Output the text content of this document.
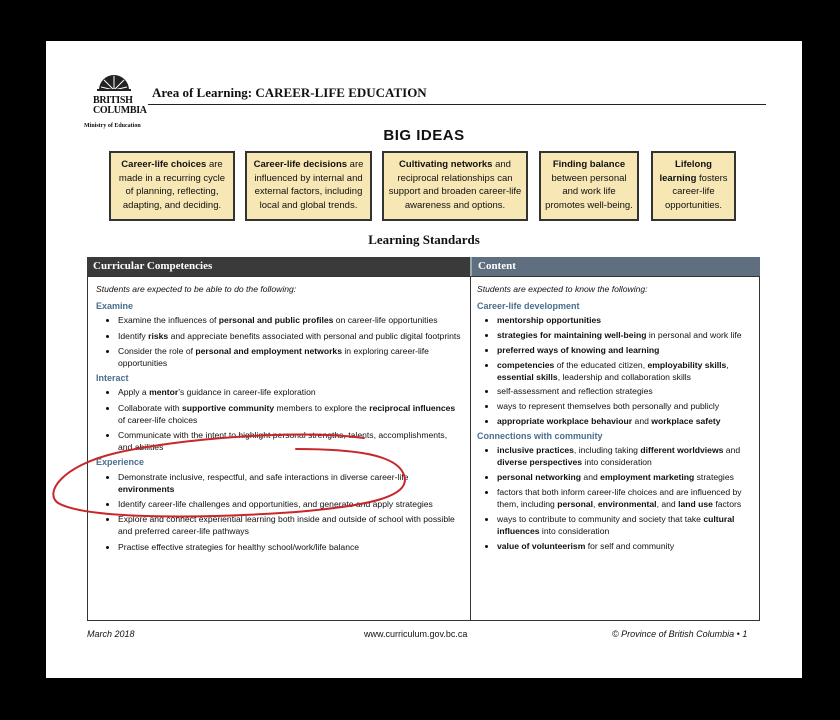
BRITISH
COLUMBIA
Ministry of Education
Area of Learning: CAREER-LIFE EDUCATION
BIG IDEAS
Career-life choices are made in a recurring cycle of planning, reflecting, adapting, and deciding.
Career-life decisions are influenced by internal and external factors, including local and global trends.
Cultivating networks and reciprocal relationships can support and broaden career-life awareness and options.
Finding balance between personal and work life promotes well-being.
Lifelong learning fosters career-life opportunities.
Learning Standards
Curricular Competencies	Content
Students are expected to be able to do the following:
Examine
• Examine the influences of personal and public profiles on career-life opportunities
• Identify risks and appreciate benefits associated with personal and public digital footprints
• Consider the role of personal and employment networks in exploring career-life opportunities
Interact
• Apply a mentor’s guidance in career-life exploration
• Collaborate with supportive community members to explore the reciprocal influences of career-life choices
• Communicate with the intent to highlight personal strengths, talents, accomplishments, and abilities
Experience
• Demonstrate inclusive, respectful, and safe interactions in diverse career-life environments
• Identify career-life challenges and opportunities, and generate and apply strategies
• Explore and connect experiential learning both inside and outside of school with possible and preferred career-life pathways
• Practise effective strategies for healthy school/work/life balance
Students are expected to know the following:
Career-life development
• mentorship opportunities
• strategies for maintaining well-being in personal and work life
• preferred ways of knowing and learning
• competencies of the educated citizen, employability skills, essential skills, leadership and collaboration skills
• self-assessment and reflection strategies
• ways to represent themselves both personally and publicly
• appropriate workplace behaviour and workplace safety
Connections with community
• inclusive practices, including taking different worldviews and diverse perspectives into consideration
• personal networking and employment marketing strategies
• factors that both inform career-life choices and are influenced by them, including personal, environmental, and land use factors
• ways to contribute to community and society that take cultural influences into consideration
• value of volunteerism for self and community
March 2018	www.curriculum.gov.bc.ca	© Province of British Columbia • 1
